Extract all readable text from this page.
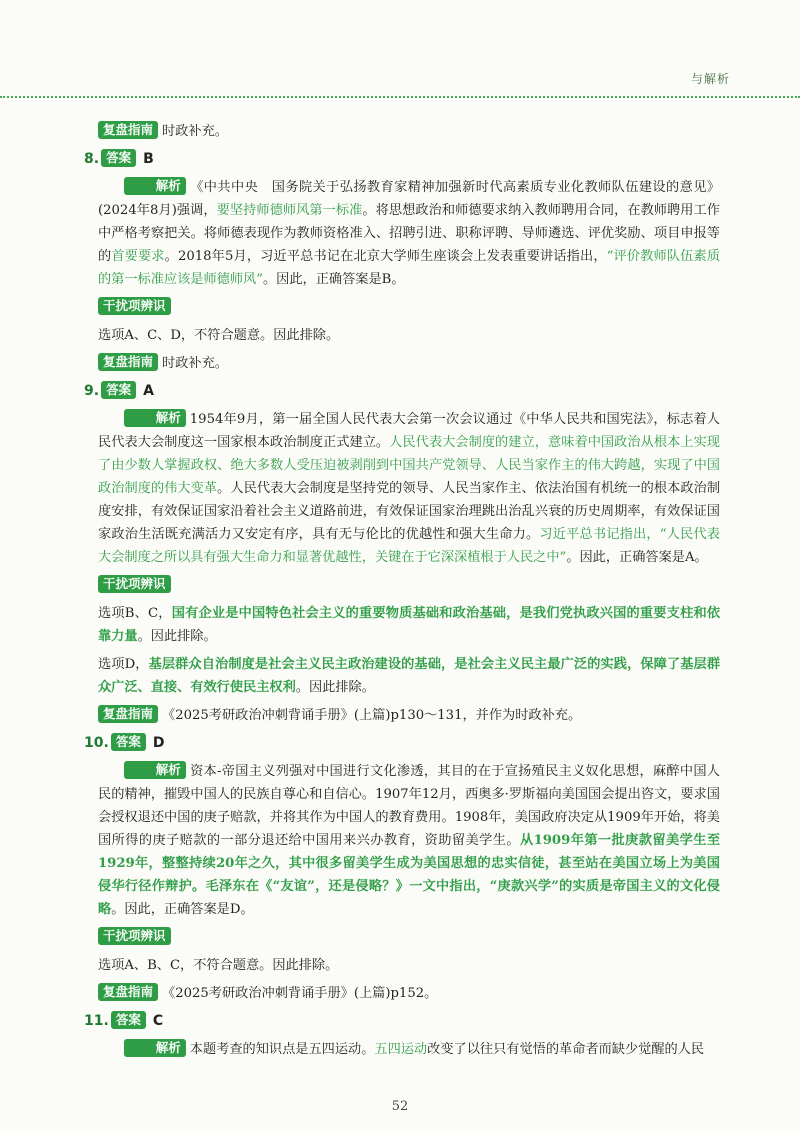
与解析
复盘指南 时政补充。
8. 答案 B
解析 《中共中央　国务院关于弘扬教育家精神加强新时代高素质专业化教师队伍建设的意见》(2024年8月)强调，要坚持师德师风第一标准。将思想政治和师德要求纳入教师聘用合同，在教师聘用工作中严格考察把关。将师德表现作为教师资格准入、招聘引进、职称评聘、导师遴选、评优奖励、项目申报等的首要要求。2018年5月，习近平总书记在北京大学师生座谈会上发表重要讲话指出，“评价教师队伍素质的第一标准应该是师德师风”。因此，正确答案是B。
干扰项辨识
选项A、C、D，不符合题意。因此排除。
复盘指南 时政补充。
9. 答案 A
解析 1954年9月，第一届全国人民代表大会第一次会议通过《中华人民共和国宪法》，标志着人民代表大会制度这一国家根本政治制度正式建立。人民代表大会制度的建立，意味着中国政治从根本上实现了由少数人掌握政权、绝大多数人受压迫被剥削到中国共产党领导、人民当家作主的伟大跨越，实现了中国政治制度的伟大变革。人民代表大会制度是坚持党的领导、人民当家作主、依法治国有机统一的根本政治制度安排，有效保证国家沿着社会主义道路前进，有效保证国家治理跳出治乱兴衰的历史周期率，有效保证国家政治生活既充满活力又安定有序，具有无与伦比的优越性和强大生命力。习近平总书记指出，“人民代表大会制度之所以具有强大生命力和显著优越性，关键在于它深深植根于人民之中”。因此，正确答案是A。
干扰项辨识
选项B、C，国有企业是中国特色社会主义的重要物质基础和政治基础，是我们党执政兴国的重要支柱和依靠力量。因此排除。
选项D，基层群众自治制度是社会主义民主政治建设的基础，是社会主义民主最广泛的实践，保障了基层群众广泛、直接、有效行使民主权利。因此排除。
复盘指南 《2025考研政治冲刺背诵手册》(上篇)p130～131，并作为时政补充。
10. 答案 D
解析 资本-帝国主义列强对中国进行文化渗透，其目的在于宣扬殖民主义奴化思想，麻醉中国人民的精神，摧毁中国人的民族自尊心和自信心。1907年12月，西奥多·罗斯福向美国国会提出咨文，要求国会授权退还中国的庚子赔款，并将其作为中国人的教育费用。1908年，美国政府决定从1909年开始，将美国所得的庚子赔款的一部分退还给中国用来兴办教育，资助留美学生。从1909年第一批庚款留美学生至1929年，整整持续20年之久，其中很多留美学生成为美国思想的忠实信徒，甚至站在美国立场上为美国侵华行径作辩护。毛泽东在《“友谊”，还是侵略？》一文中指出，“庚款兴学”的实质是帝国主义的文化侵略。因此，正确答案是D。
干扰项辨识
选项A、B、C，不符合题意。因此排除。
复盘指南 《2025考研政治冲刺背诵手册》(上篇)p152。
11. 答案 C
解析 本题考查的知识点是五四运动。五四运动改变了以往只有觉悟的革命者而缺少觉醒的人民
52
